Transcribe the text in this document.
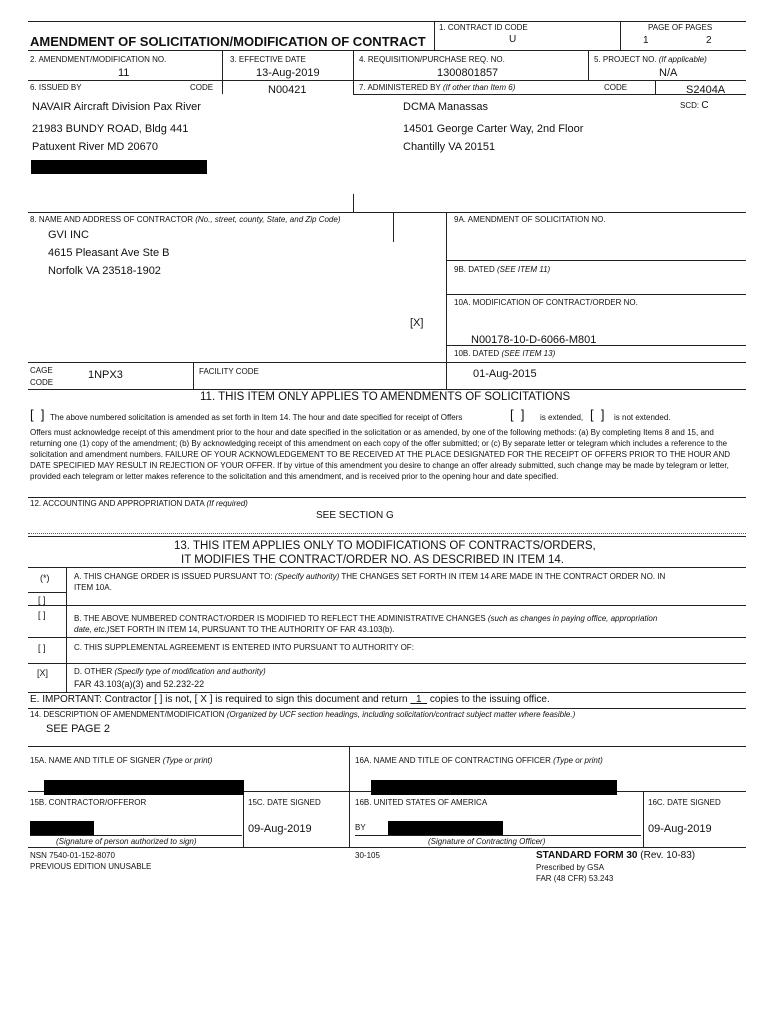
AMENDMENT OF SOLICITATION/MODIFICATION OF CONTRACT
1. CONTRACT ID CODE
U
PAGE OF PAGES
1	2
2. AMENDMENT/MODIFICATION NO.
11
3. EFFECTIVE DATE
13-Aug-2019
4. REQUISITION/PURCHASE REQ. NO.
1300801857
5. PROJECT NO. (If applicable)
N/A
6. ISSUED BY	CODE	N00421	7. ADMINISTERED BY (If other than Item 6)	CODE	S2404A
SCD: C
NAVAIR Aircraft Division Pax River
21983 BUNDY ROAD, Bldg 441
Patuxent River MD 20670
DCMA Manassas
14501 George Carter Way, 2nd Floor
Chantilly VA 20151
8. NAME AND ADDRESS OF CONTRACTOR (No., street, county, State, and Zip Code)
GVI INC
4615 Pleasant Ave Ste B
Norfolk VA 23518-1902
9A. AMENDMENT OF SOLICITATION NO.
9B. DATED (SEE ITEM 11)
10A. MODIFICATION OF CONTRACT/ORDER NO.
[X]
N00178-10-D-6066-M801
10B. DATED (SEE ITEM 13)
01-Aug-2015
CAGE
CODE
1NPX3	FACILITY CODE
11. THIS ITEM ONLY APPLIES TO AMENDMENTS OF SOLICITATIONS
[  ] The above numbered solicitation is amended as set forth in Item 14. The hour and date specified for receipt of Offers	[  ] is extended, [  ] is not extended.
Offers must acknowledge receipt of this amendment prior to the hour and date specified in the solicitation or as amended, by one of the following methods: (a) By completing Items 8 and 15, and returning one (1) copy of the amendment; (b) By acknowledging receipt of this amendment on each copy of the offer submitted; or (c) By separate letter or telegram which includes a reference to the solicitation and amendment numbers. FAILURE OF YOUR ACKNOWLEDGEMENT TO BE RECEIVED AT THE PLACE DESIGNATED FOR THE RECEIPT OF OFFERS PRIOR TO THE HOUR AND DATE SPECIFIED MAY RESULT IN REJECTION OF YOUR OFFER. If by virtue of this amendment you desire to change an offer already submitted, such change may be made by telegram or letter, provided each telegram or letter makes reference to the solicitation and this amendment, and is received prior to the opening hour and date specified.
12. ACCOUNTING AND APPROPRIATION DATA (If required)
SEE SECTION G
13. THIS ITEM APPLIES ONLY TO MODIFICATIONS OF CONTRACTS/ORDERS,
IT MODIFIES THE CONTRACT/ORDER NO. AS DESCRIBED IN ITEM 14.
(*)	A. THIS CHANGE ORDER IS ISSUED PURSUANT TO: (Specify authority) THE CHANGES SET FORTH IN ITEM 14 ARE MADE IN THE CONTRACT ORDER NO. IN
ITEM 10A.
[ ]
[ ]	B. THE ABOVE NUMBERED CONTRACT/ORDER IS MODIFIED TO REFLECT THE ADMINISTRATIVE CHANGES (such as changes in paying office, appropriation
date, etc.)SET FORTH IN ITEM 14, PURSUANT TO THE AUTHORITY OF FAR 43.103(b).
[ ]	C. THIS SUPPLEMENTAL AGREEMENT IS ENTERED INTO PURSUANT TO AUTHORITY OF:
[X]	D. OTHER (Specify type of modification and authority)
FAR 43.103(a)(3) and 52.232-22
E. IMPORTANT: Contractor [ ] is not, [ X ] is required to sign this document and return 1 copies to the issuing office.
14. DESCRIPTION OF AMENDMENT/MODIFICATION (Organized by UCF section headings, including solicitation/contract subject matter where feasible.)
SEE PAGE 2
15A. NAME AND TITLE OF SIGNER (Type or print)	16A. NAME AND TITLE OF CONTRACTING OFFICER (Type or print)
15B. CONTRACTOR/OFFEROR	15C. DATE SIGNED	16B. UNITED STATES OF AMERICA	16C. DATE SIGNED
09-Aug-2019	BY	09-Aug-2019
(Signature of person authorized to sign)	(Signature of Contracting Officer)
NSN 7540-01-152-8070
PREVIOUS EDITION UNUSABLE
30-105	STANDARD FORM 30 (Rev. 10-83)
Prescribed by GSA
FAR (48 CFR) 53.243
